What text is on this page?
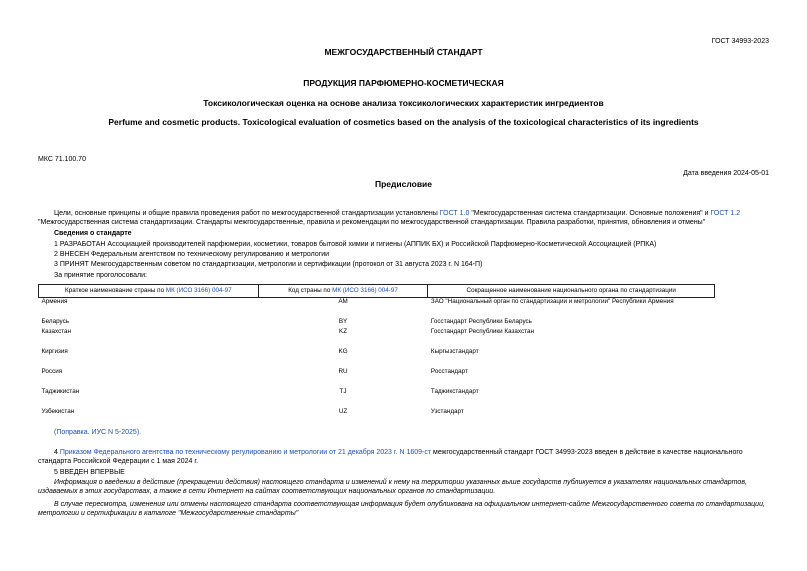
ГОСТ 34993-2023
МЕЖГОСУДАРСТВЕННЫЙ СТАНДАРТ
ПРОДУКЦИЯ ПАРФЮМЕРНО-КОСМЕТИЧЕСКАЯ
Токсикологическая оценка на основе анализа токсикологических характеристик ингредиентов
Perfume and cosmetic products. Toxicological evaluation of cosmetics based on the analysis of the toxicological characteristics of its ingredients
МКС 71.100.70
Дата введения 2024-05-01
Предисловие
Цели, основные принципы и общие правила проведения работ по межгосударственной стандартизации установлены ГОСТ 1.0 "Межгосударственная система стандартизации. Основные положения" и ГОСТ 1.2 "Межгосударственная система стандартизации. Стандарты межгосударственные, правила и рекомендации по межгосударственной стандартизации. Правила разработки, принятия, обновления и отмены"
Сведения о стандарте
1 РАЗРАБОТАН Ассоциацией производителей парфюмерии, косметики, товаров бытовой химии и гигиены (АППИК БХ) и Российской Парфюмерно-Косметической Ассоциацией (РПКА)
2 ВНЕСЕН Федеральным агентством по техническому регулированию и метрологии
3 ПРИНЯТ Межгосударственным советом по стандартизации, метрологии и сертификации (протокол от 31 августа 2023 г. N 164-П)
За принятие проголосовали:
Краткое наименование страны по МК (ИСО 3166) 004-97	Код страны по МК (ИСО 3166) 004-97	Сокращенное наименование национального органа по стандартизации
Армения	AM	ЗАО "Национальный орган по стандартизации и метрологии" Республики Армения

Беларусь	BY	Госстандарт Республики Беларусь
Казахстан	KZ	Госстандарт Республики Казахстан

Киргизия	KG	Кыргызстандарт

Россия	RU	Росстандарт

Таджикистан	TJ	Таджикстандарт

Узбекистан	UZ	Узстандарт
(Поправка. ИУС N 5-2025).
4 Приказом Федерального агентства по техническому регулированию и метрологии от 21 декабря 2023 г. N 1609-ст межгосударственный стандарт ГОСТ 34993-2023 введен в действие в качестве национального стандарта Российской Федерации с 1 мая 2024 г.
5 ВВЕДЕН ВПЕРВЫЕ
Информация о введении в действие (прекращении действия) настоящего стандарта и изменений к нему на территории указанных выше государств публикуется в указателях национальных стандартов, издаваемых в этих государствах, а также в сети Интернет на сайтах соответствующих национальных органов по стандартизации.
В случае пересмотра, изменения или отмены настоящего стандарта соответствующая информация будет опубликована на официальном интернет-сайте Межгосударственного совета по стандартизации, метрологии и сертификации в каталоге "Межгосударственные стандарты"
